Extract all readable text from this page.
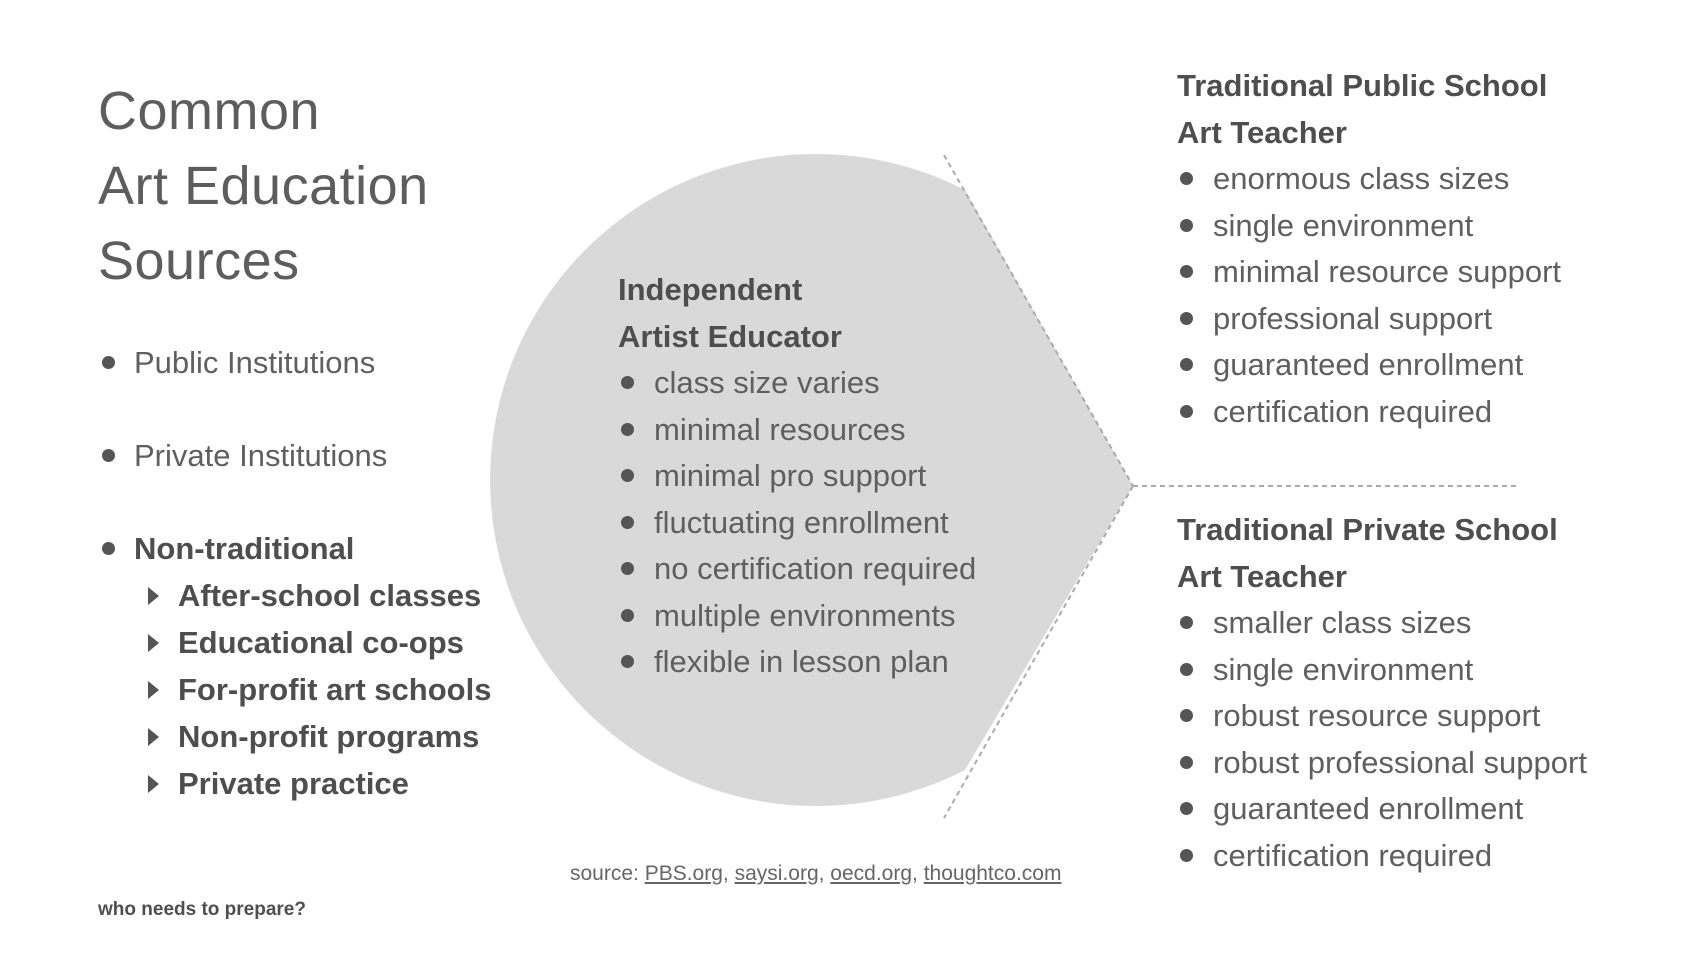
Common
Art Education
Sources
Public Institutions
Private Institutions
Non-traditional
After-school classes
Educational co-ops
For-profit art schools
Non-profit programs
Private practice
Independent
Artist Educator
class size varies
minimal resources
minimal pro support
fluctuating enrollment
no certification required
multiple environments
flexible in lesson plan
Traditional Public School
Art Teacher
enormous class sizes
single environment
minimal resource support
professional support
guaranteed enrollment
certification required
Traditional Private School
Art Teacher
smaller class sizes
single environment
robust resource support
robust professional support
guaranteed enrollment
certification required
source: PBS.org, saysi.org, oecd.org, thoughtco.com
who needs to prepare?
